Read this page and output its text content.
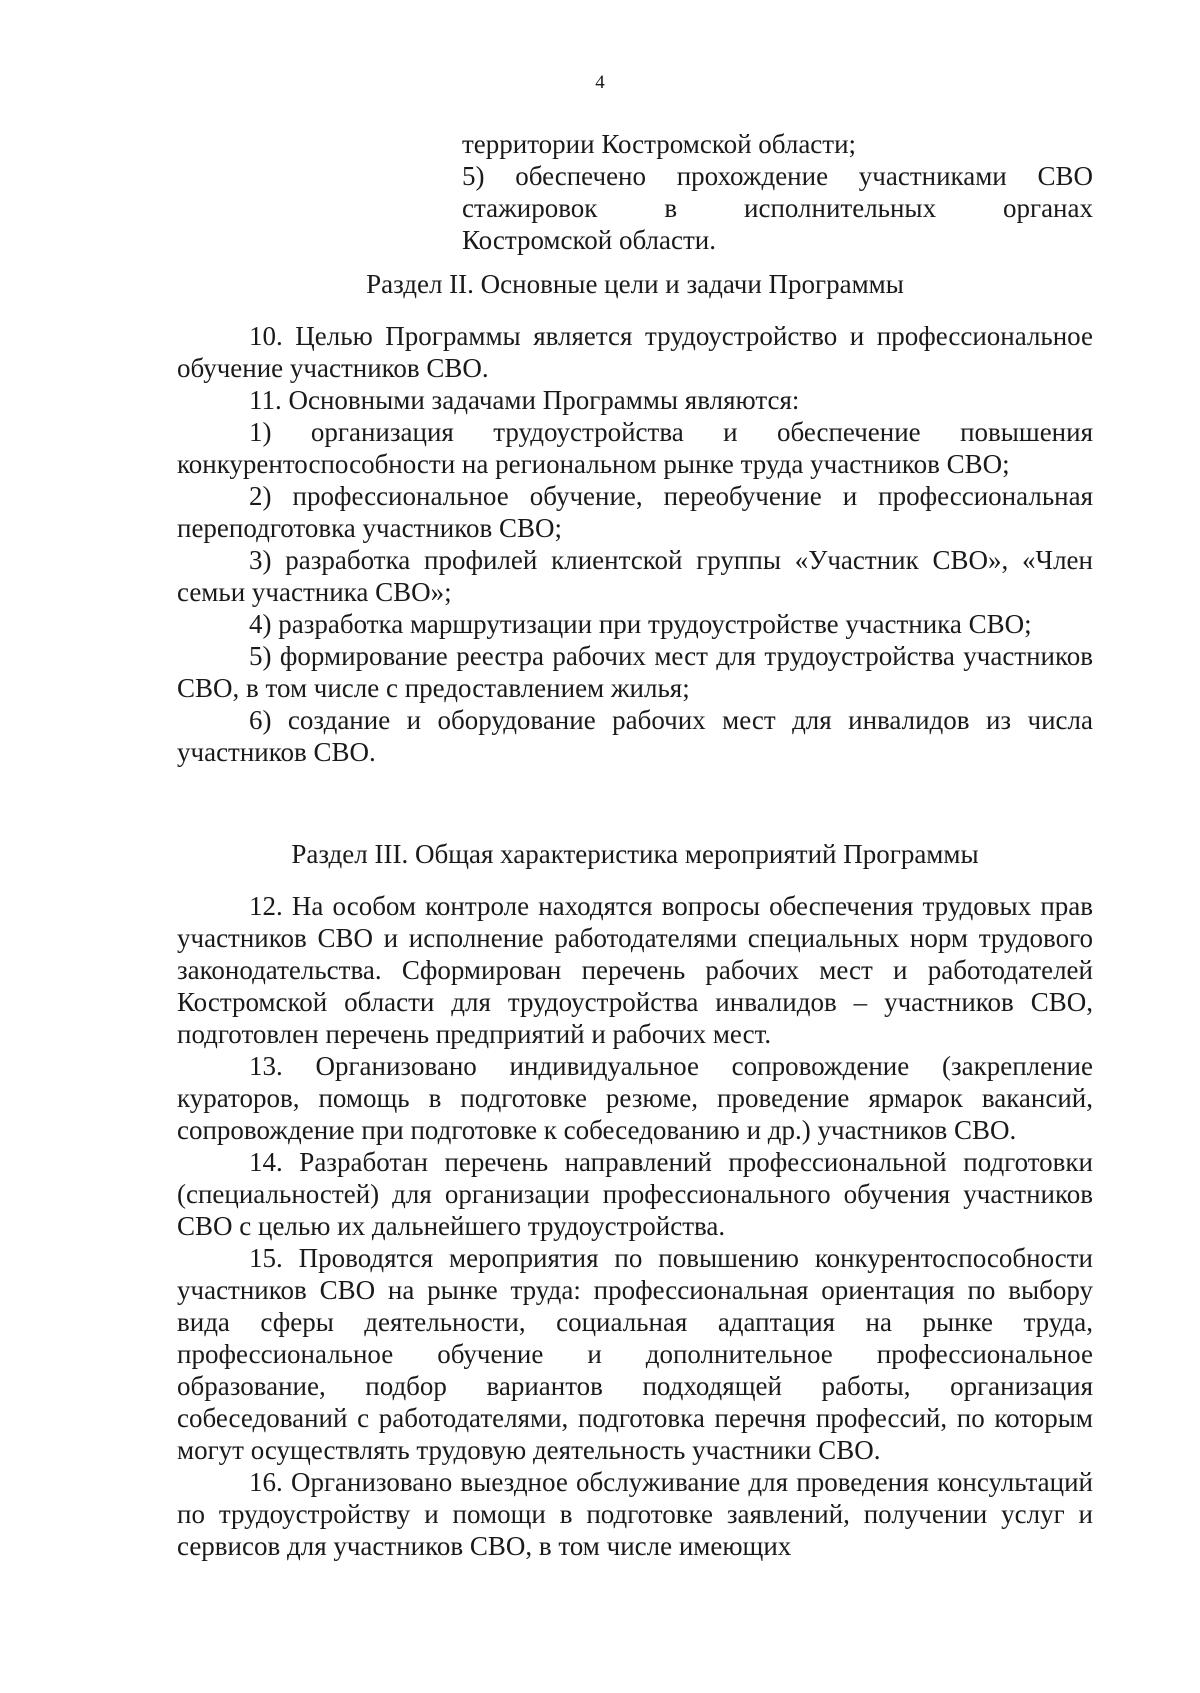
4

территории Костромской области;

5) обеспечено прохождение участниками СВО

стажировок в исполнительных органах

Костромской области.

Раздел II. Основные цели и задачи Программы

10. Целью Программы является трудоустройство и профессиональное обучение участников СВО.

11. Основными задачами Программы являются:

1) организация трудоустройства и обеспечение повышения конкурентоспособности на региональном рынке труда участников СВО;

2) профессиональное обучение, переобучение и профессиональная переподготовка участников СВО;

3) разработка профилей клиентской группы «Участник СВО», «Член семьи участника СВО»;

4) разработка маршрутизации при трудоустройстве участника СВО;

5) формирование реестра рабочих мест для трудоустройства участников СВО, в том числе с предоставлением жилья;

6) создание и оборудование рабочих мест для инвалидов из числа участников СВО.

Раздел III. Общая характеристика мероприятий Программы

12. На особом контроле находятся вопросы обеспечения трудовых прав участников СВО и исполнение работодателями специальных норм трудового законодательства. Сформирован перечень рабочих мест и работодателей Костромской области для трудоустройства инвалидов – участников СВО, подготовлен перечень предприятий и рабочих мест.

13. Организовано индивидуальное сопровождение (закрепление кураторов, помощь в подготовке резюме, проведение ярмарок вакансий, сопровождение при подготовке к собеседованию и др.) участников СВО.

14. Разработан перечень направлений профессиональной подготовки (специальностей) для организации профессионального обучения участников СВО с целью их дальнейшего трудоустройства.

15. Проводятся мероприятия по повышению конкурентоспособности участников СВО на рынке труда: профессиональная ориентация по выбору вида сферы деятельности, социальная адаптация на рынке труда, профессиональное обучение и дополнительное профессиональное образование, подбор вариантов подходящей работы, организация собеседований с работодателями, подготовка перечня профессий, по которым могут осуществлять трудовую деятельность участники СВО.

16. Организовано выездное обслуживание для проведения консультаций по трудоустройству и помощи в подготовке заявлений, получении услуг и сервисов для участников СВО, в том числе имеющих
